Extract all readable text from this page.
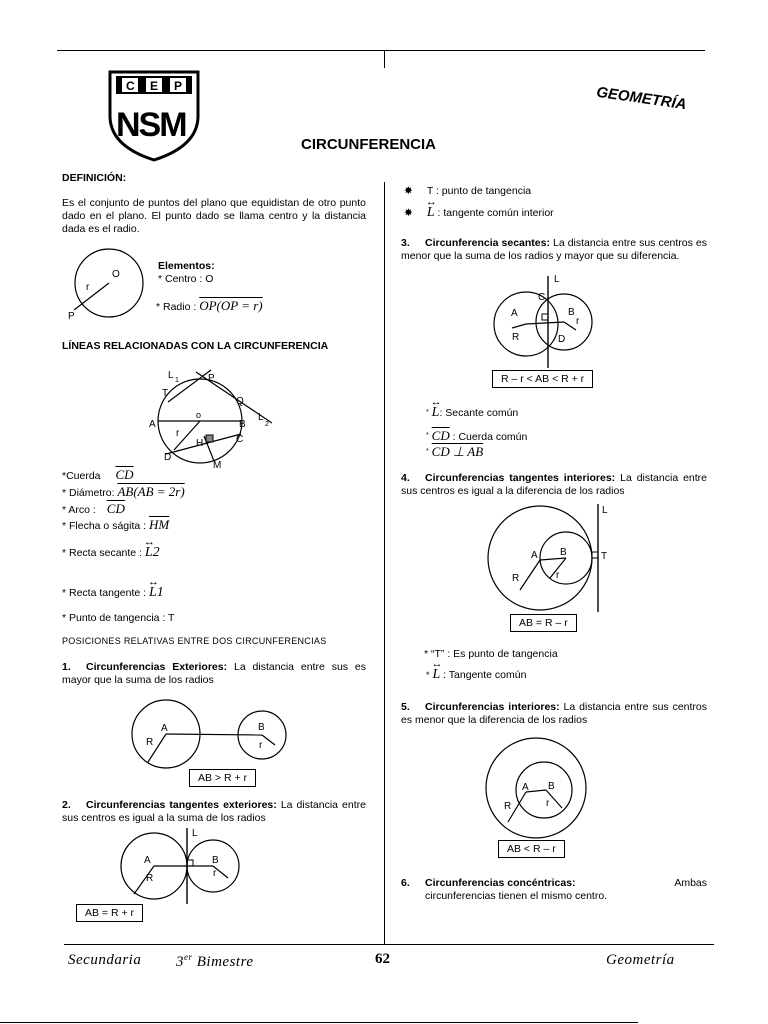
C E P
NSM
GEOMETRÍA
CIRCUNFERENCIA
DEFINICIÓN:
Es el conjunto de puntos del plano que equidistan de otro punto dado en el plano. El punto dado se llama centro y la distancia dada es el radio.
O
r
P
Elementos:
* Centro : O
* Radio : OP(OP = r)
LÍNEAS RELACIONADAS CON LA CIRCUNFERENCIA
L 1	P
T
Q
L
2
A
o
B
r
H	C
D
M
*Cuerda $\overline{CD}$
* Diámetro: AB(AB = 2r)
* Arco : $\overline{CD}$
* Flecha o ságita : $\overline{HM}$
* Recta secante : ↔ L2
* Recta tangente : ↔ L1
* Punto de tangencia : T
POSICIONES RELATIVAS ENTRE DOS CIRCUNFERENCIAS
1. Circunferencias Exteriores: La distancia entre sus es mayor que la suma de los radios
A
R
B
r
AB > R + r
2. Circunferencias tangentes exteriores: La distancia entre sus centros es igual a la suma de los radios
L
A
R
B
r
AB = R + r
✸ T : punto de tangencia
✸ ↔ L : tangente común interior
3. Circunferencia secantes: La distancia entre sus centros es menor que la suma de los radios y mayor que su diferencia.
L
C
A	B
r
R	D
R – r < AB < R + r
* ↔ L: Secante común
* $\overline{CD}$ : Cuerda común
* CD ⊥ AB
4. Circunferencias tangentes interiores: La distancia entre sus centros es igual a la diferencia de los radios
L
A B	T
R	r
AB = R – r
* “T” : Es punto de tangencia
* ↔ L : Tangente común
5. Circunferencias interiores: La distancia entre sus centros es menor que la diferencia de los radios
A B
R	r
AB < R – r
6. Circunferencias concéntricas:	Ambas
circunferencias tienen el mismo centro.
Secundaria 3er Bimestre	62	Geometría
